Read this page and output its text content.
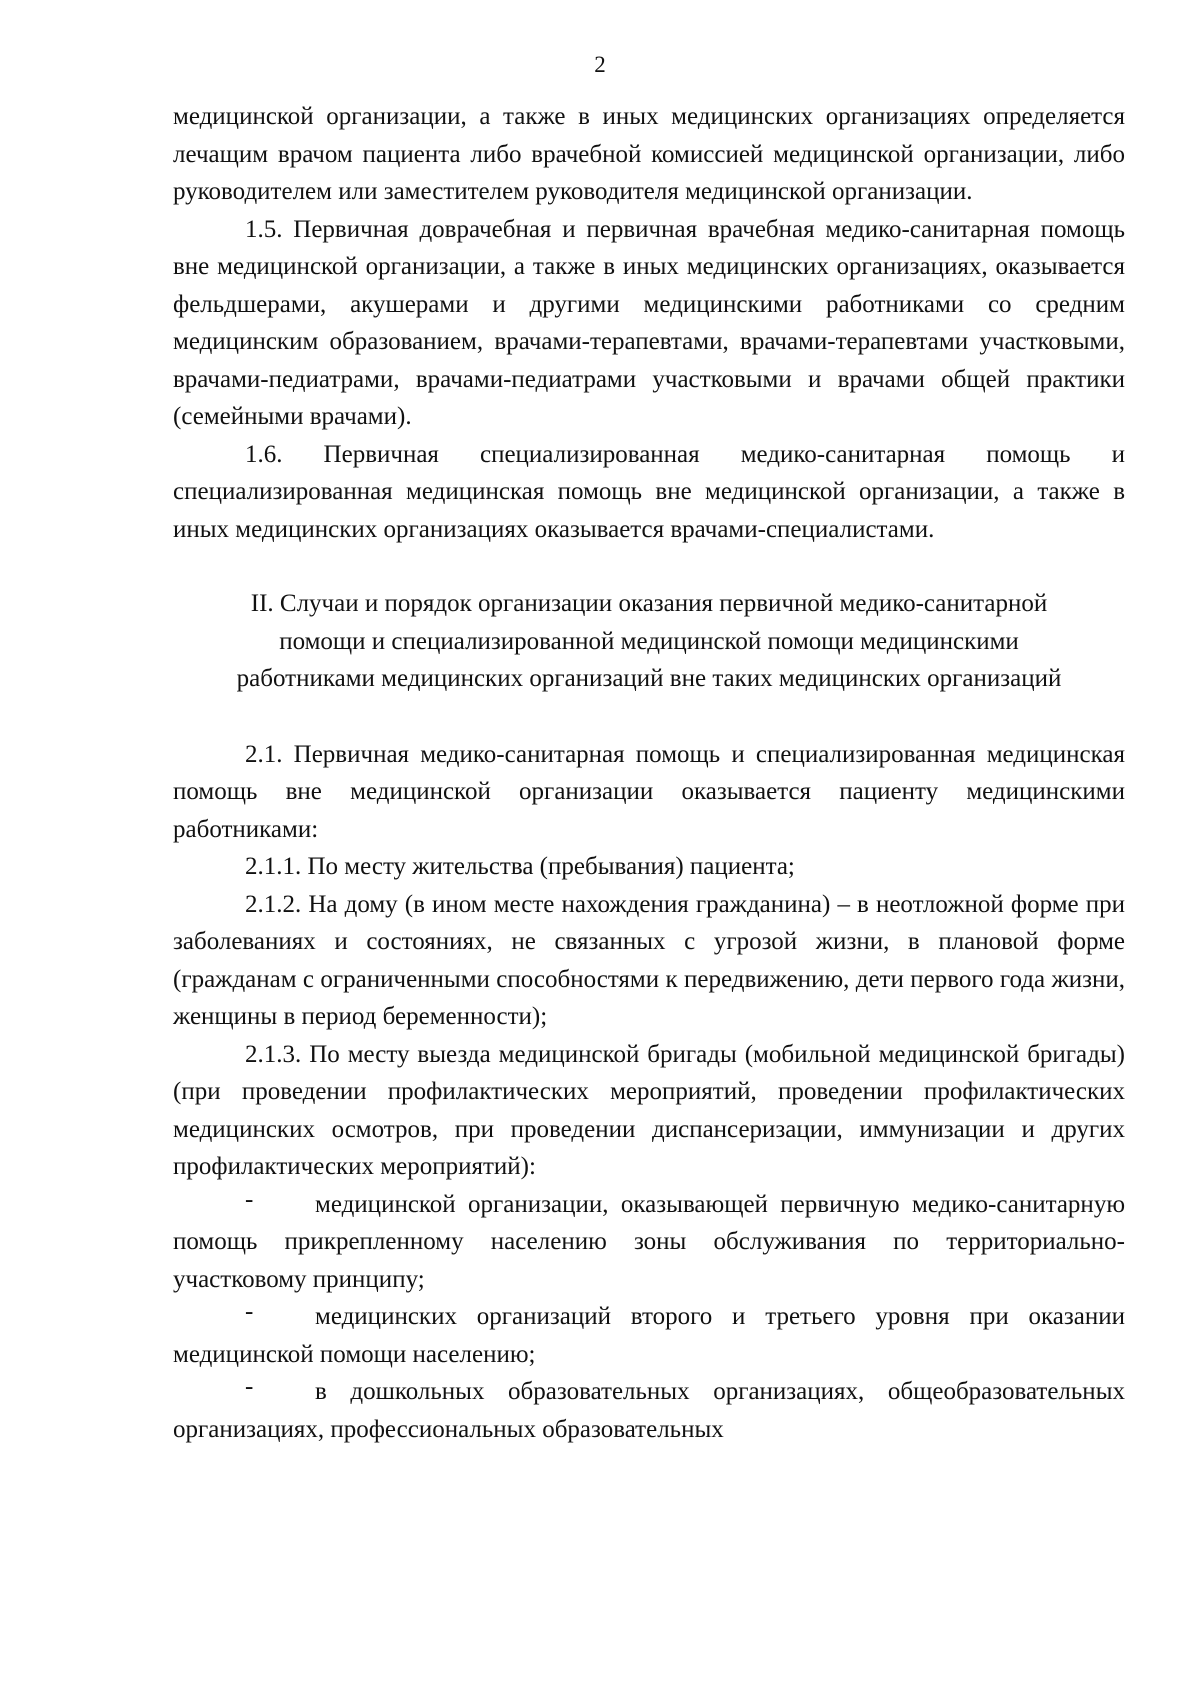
2

медицинской организации, а также в иных медицинских организациях определяется лечащим врачом пациента либо врачебной комиссией медицинской организации, либо руководителем или заместителем руководителя медицинской организации.

1.5. Первичная доврачебная и первичная врачебная медико-санитарная помощь вне медицинской организации, а также в иных медицинских организациях, оказывается фельдшерами, акушерами и другими медицинскими работниками со средним медицинским образованием, врачами-терапевтами, врачами-терапевтами участковыми, врачами-педиатрами, врачами-педиатрами участковыми и врачами общей практики (семейными врачами).

1.6. Первичная специализированная медико-санитарная помощь и специализированная медицинская помощь вне медицинской организации, а также в иных медицинских организациях оказывается врачами-специалистами.

II. Случаи и порядок организации оказания первичной медико-санитарной
помощи и специализированной медицинской помощи медицинскими
работниками медицинских организаций вне таких медицинских организаций

2.1. Первичная медико-санитарная помощь и специализированная медицинская помощь вне медицинской организации оказывается пациенту медицинскими работниками:

2.1.1. По месту жительства (пребывания) пациента;

2.1.2. На дому (в ином месте нахождения гражданина) – в неотложной форме при заболеваниях и состояниях, не связанных с угрозой жизни, в плановой форме (гражданам с ограниченными способностями к передвижению, дети первого года жизни, женщины в период беременности);

2.1.3. По месту выезда медицинской бригады (мобильной медицинской бригады) (при проведении профилактических мероприятий, проведении профилактических медицинских осмотров, при проведении диспансеризации, иммунизации и других профилактических мероприятий):

-	медицинской организации, оказывающей первичную медико-санитарную помощь прикрепленному населению зоны обслуживания по территориально-участковому принципу;

-	медицинских организаций второго и третьего уровня при оказании медицинской помощи населению;

-	в дошкольных образовательных организациях, общеобразовательных организациях, профессиональных образовательных
